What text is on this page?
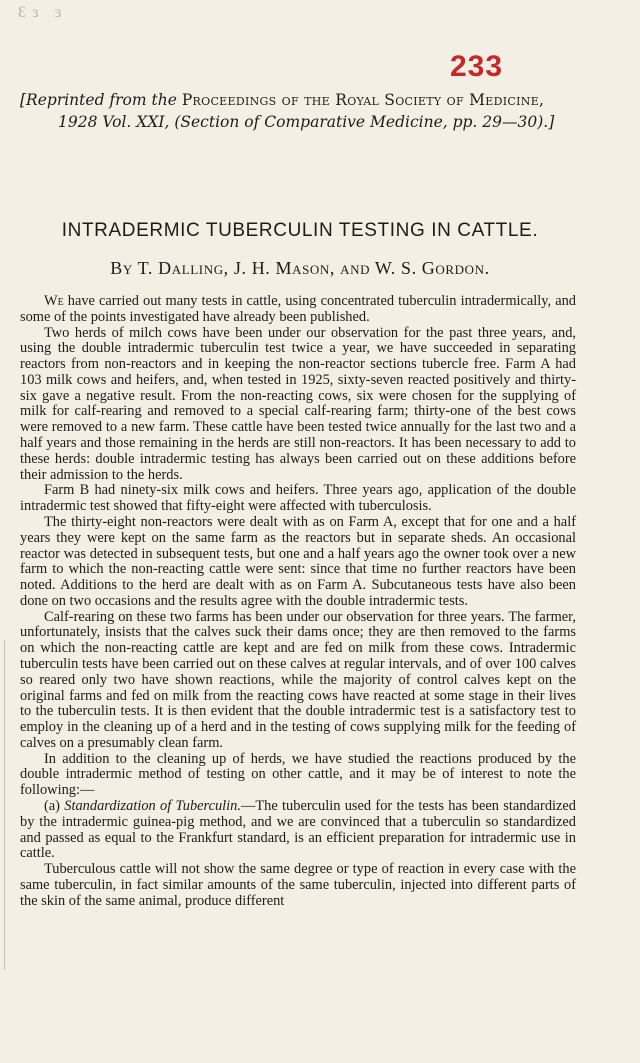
Ɛɜ ɜ
233
[Reprinted from the Proceedings of the Royal Society of Medicine,
1928 Vol. XXI, (Section of Comparative Medicine, pp. 29—30).]
INTRADERMIC TUBERCULIN TESTING IN CATTLE.
By T. Dalling, J. H. Mason, and W. S. Gordon.

We have carried out many tests in cattle, using concentrated tuberculin intradermically, and some of the points investigated have already been published.

Two herds of milch cows have been under our observation for the past three years, and, using the double intradermic tuberculin test twice a year, we have succeeded in separating reactors from non-reactors and in keeping the non-reactor sections tubercle free. Farm A had 103 milk cows and heifers, and, when tested in 1925, sixty-seven reacted positively and thirty-six gave a negative result. From the non-reacting cows, six were chosen for the supplying of milk for calf-rearing and removed to a special calf-rearing farm; thirty-one of the best cows were removed to a new farm. These cattle have been tested twice annually for the last two and a half years and those remaining in the herds are still non-reactors. It has been necessary to add to these herds: double intradermic testing has always been carried out on these additions before their admission to the herds.

Farm B had ninety-six milk cows and heifers. Three years ago, application of the double intradermic test showed that fifty-eight were affected with tuberculosis.

The thirty-eight non-reactors were dealt with as on Farm A, except that for one and a half years they were kept on the same farm as the reactors but in separate sheds. An occasional reactor was detected in subsequent tests, but one and a half years ago the owner took over a new farm to which the non-reacting cattle were sent: since that time no further reactors have been noted. Additions to the herd are dealt with as on Farm A. Subcutaneous tests have also been done on two occasions and the results agree with the double intradermic tests.

Calf-rearing on these two farms has been under our observation for three years. The farmer, unfortunately, insists that the calves suck their dams once; they are then removed to the farms on which the non-reacting cattle are kept and are fed on milk from these cows. Intradermic tuberculin tests have been carried out on these calves at regular intervals, and of over 100 calves so reared only two have shown reactions, while the majority of control calves kept on the original farms and fed on milk from the reacting cows have reacted at some stage in their lives to the tuberculin tests. It is then evident that the double intradermic test is a satisfactory test to employ in the cleaning up of a herd and in the testing of cows supplying milk for the feeding of calves on a presumably clean farm.

In addition to the cleaning up of herds, we have studied the reactions produced by the double intradermic method of testing on other cattle, and it may be of interest to note the following:—

(a) Standardization of Tuberculin.—The tuberculin used for the tests has been standardized by the intradermic guinea-pig method, and we are convinced that a tuberculin so standardized and passed as equal to the Frankfurt standard, is an efficient preparation for intradermic use in cattle.

Tuberculous cattle will not show the same degree or type of reaction in every case with the same tuberculin, in fact similar amounts of the same tuberculin, injected into different parts of the skin of the same animal, produce different
